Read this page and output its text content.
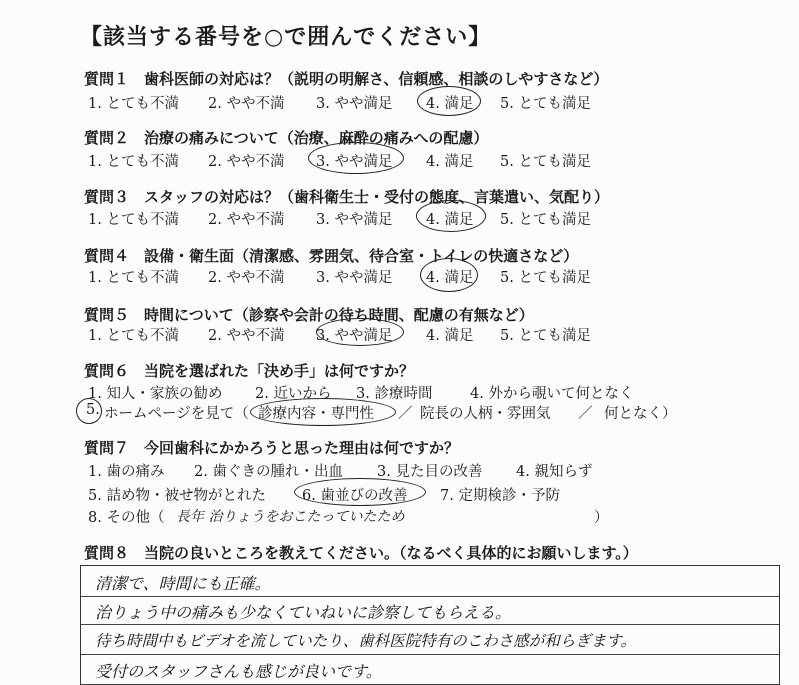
【該当する番号を○で囲んでください】
質問１ 歯科医師の対応は？（説明の明解さ、信頼感、相談のしやすさなど）
1. とても不満 2. やや不満 3. やや満足 4. 満足 5. とても満足
質問２ 治療の痛みについて（治療、麻酔の痛みへの配慮）
1. とても不満 2. やや不満 3. やや満足 4. 満足 5. とても満足
質問３ スタッフの対応は？（歯科衛生士・受付の態度、言葉遣い、気配り）
1. とても不満 2. やや不満 3. やや満足 4. 満足 5. とても満足
質問４ 設備・衛生面（清潔感、雰囲気、待合室・トイレの快適さなど）
1. とても不満 2. やや不満 3. やや満足 4. 満足 5. とても満足
質問５ 時間について（診察や会計の待ち時間、配慮の有無など）
1. とても不満 2. やや不満 3. やや満足 4. 満足 5. とても満足
質問６ 当院を選ばれた「決め手」は何ですか？
1. 知人・家族の勧め 2. 近いから 3. 診療時間	4. 外から覗いて何となく
5. ホームページを見て（ 診療内容・専門性 ／ 院長の人柄・雰囲気 ／ 何となく）
質問７ 今回歯科にかかろうと思った理由は何ですか？
1. 歯の痛み 2. 歯ぐきの腫れ・出血 3. 見た目の改善 4. 親知らず
5. 詰め物・被せ物がとれた 6. 歯並びの改善 7. 定期検診・予防
8. その他（ 長年 治りょうをおこたっていたため	）
質問８ 当院の良いところを教えてください。（なるべく具体的にお願いします。）
清潔で、時間にも正確。
治りょう中の痛みも少なくていねいに診察してもらえる。
待ち時間中もビデオを流していたり、歯科医院特有のこわさ感が和らぎます。
受付のスタッフさんも感じが良いです。
